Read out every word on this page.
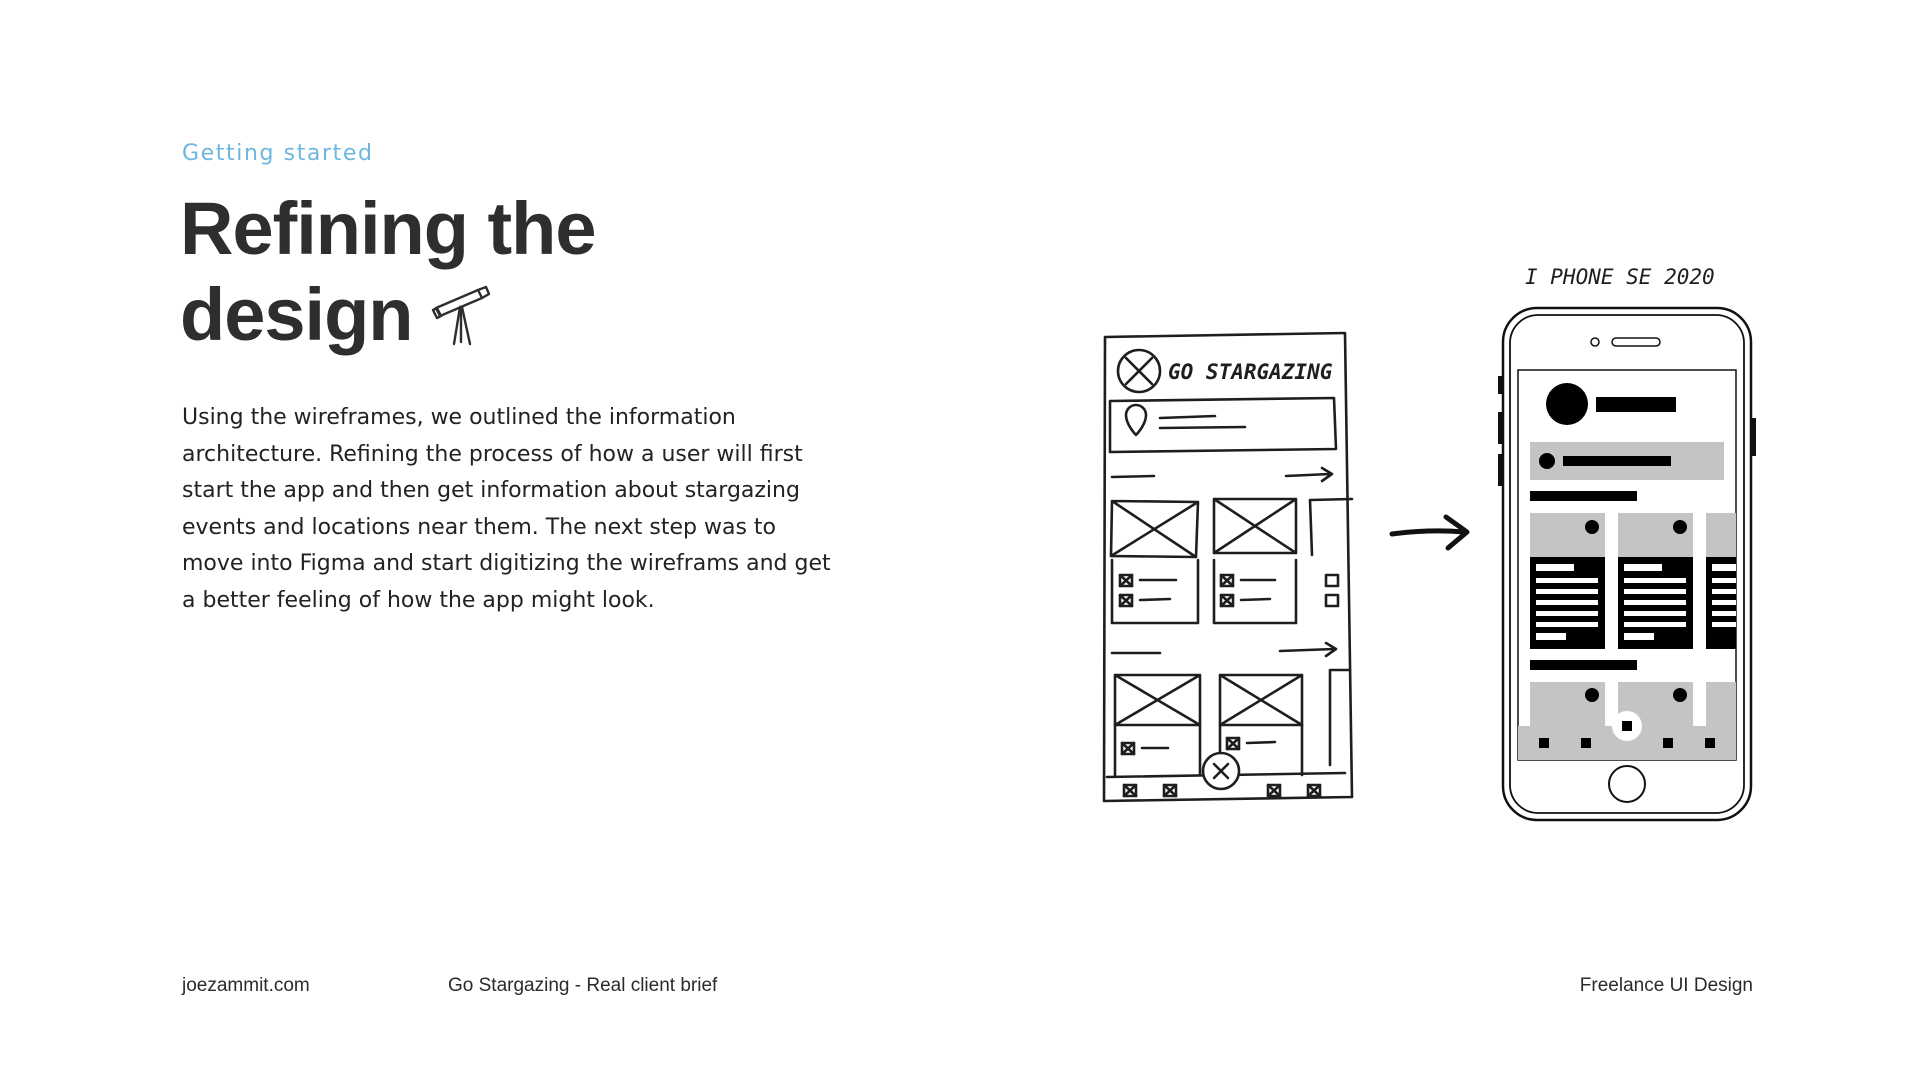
Getting started
Refining the
design

Using the wireframes, we outlined the information architecture. Refining the process of how a user will first start the app and then get information about stargazing events and locations near them. The next step was to move into Figma and start digitizing the wireframs and get a better feeling of how the app might look.

GO STARGAZING
I PHONE SE 2020
joezammit.com	Go Stargazing - Real client brief	Freelance UI Design
